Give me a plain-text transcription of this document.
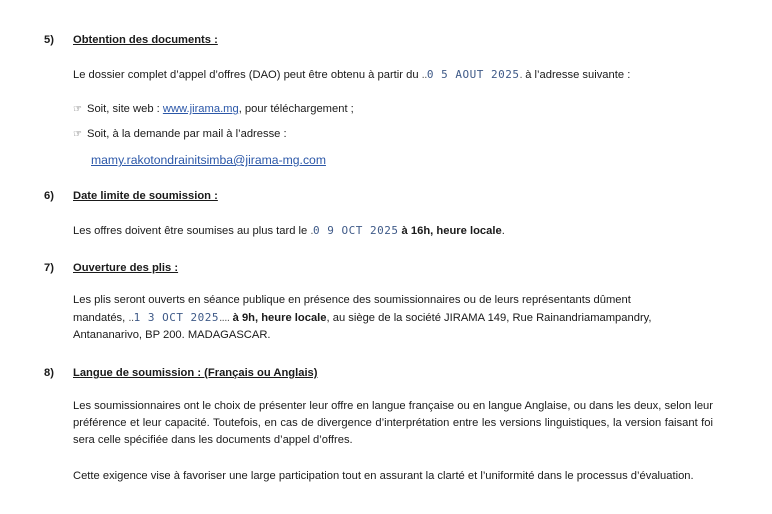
5) Obtention des documents :
Le dossier complet d’appel d’offres (DAO) peut être obtenu à partir du ..0 5 AOUT 2025. à l’adresse suivante :
☞ Soit, site web : www.jirama.mg, pour téléchargement ;
☞ Soit, à la demande par mail à l’adresse :
mamy.rakotondrainitsimba@jirama-mg.com
6) Date limite de soumission :
Les offres doivent être soumises au plus tard le .0 9 OCT 2025 à 16h, heure locale.
7) Ouverture des plis :
Les plis seront ouverts en séance publique en présence des soumissionnaires ou de leurs représentants dûment
mandatés, ..1 3 OCT 2025.... à 9h, heure locale, au siège de la société JIRAMA 149, Rue Rainandriamampandry,
Antananarivo, BP 200. MADAGASCAR.
8) Langue de soumission : (Français ou Anglais)
Les soumissionnaires ont le choix de présenter leur offre en langue française ou en langue Anglaise, ou dans les deux, selon leur préférence et leur capacité. Toutefois, en cas de divergence d’interprétation entre les versions linguistiques, la version faisant foi sera celle spécifiée dans les documents d’appel d’offres.
Cette exigence vise à favoriser une large participation tout en assurant la clarté et l’uniformité dans le processus d’évaluation.
